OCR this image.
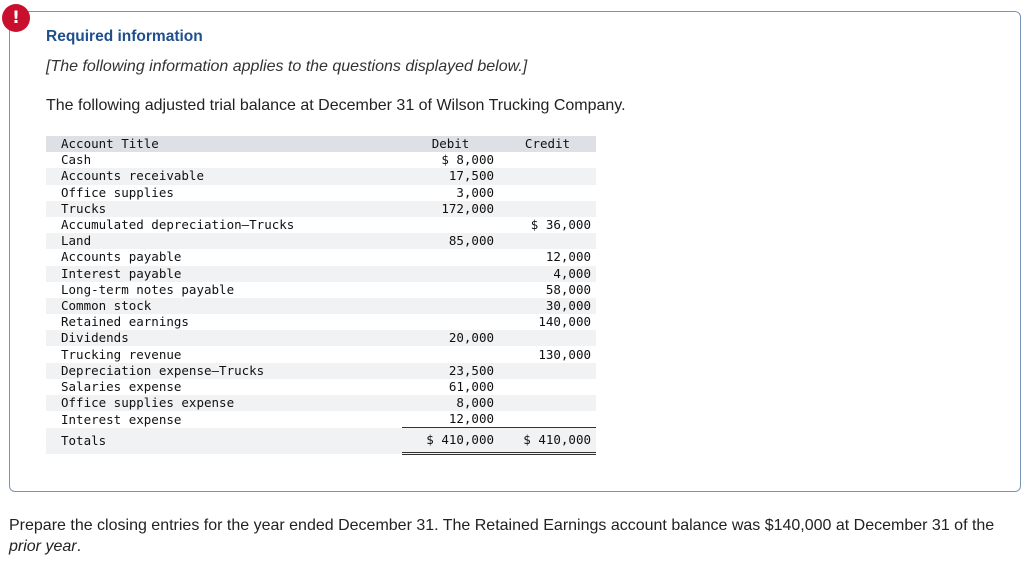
!
Required information
[The following information applies to the questions displayed below.]
The following adjusted trial balance at December 31 of Wilson Trucking Company.
Account Title	Debit	Credit
Cash	$ 8,000	
Accounts receivable	17,500	
Office supplies	3,000	
Trucks	172,000	
Accumulated depreciation—Trucks		$ 36,000
Land	85,000	
Accounts payable		12,000
Interest payable		4,000
Long-term notes payable		58,000
Common stock		30,000
Retained earnings		140,000
Dividends	20,000	
Trucking revenue		130,000
Depreciation expense—Trucks	23,500	
Salaries expense	61,000	
Office supplies expense	8,000	
Interest expense	12,000	
Totals	$ 410,000	$ 410,000
Prepare the closing entries for the year ended December 31. The Retained Earnings account balance was $140,000 at December 31 of the prior year.
